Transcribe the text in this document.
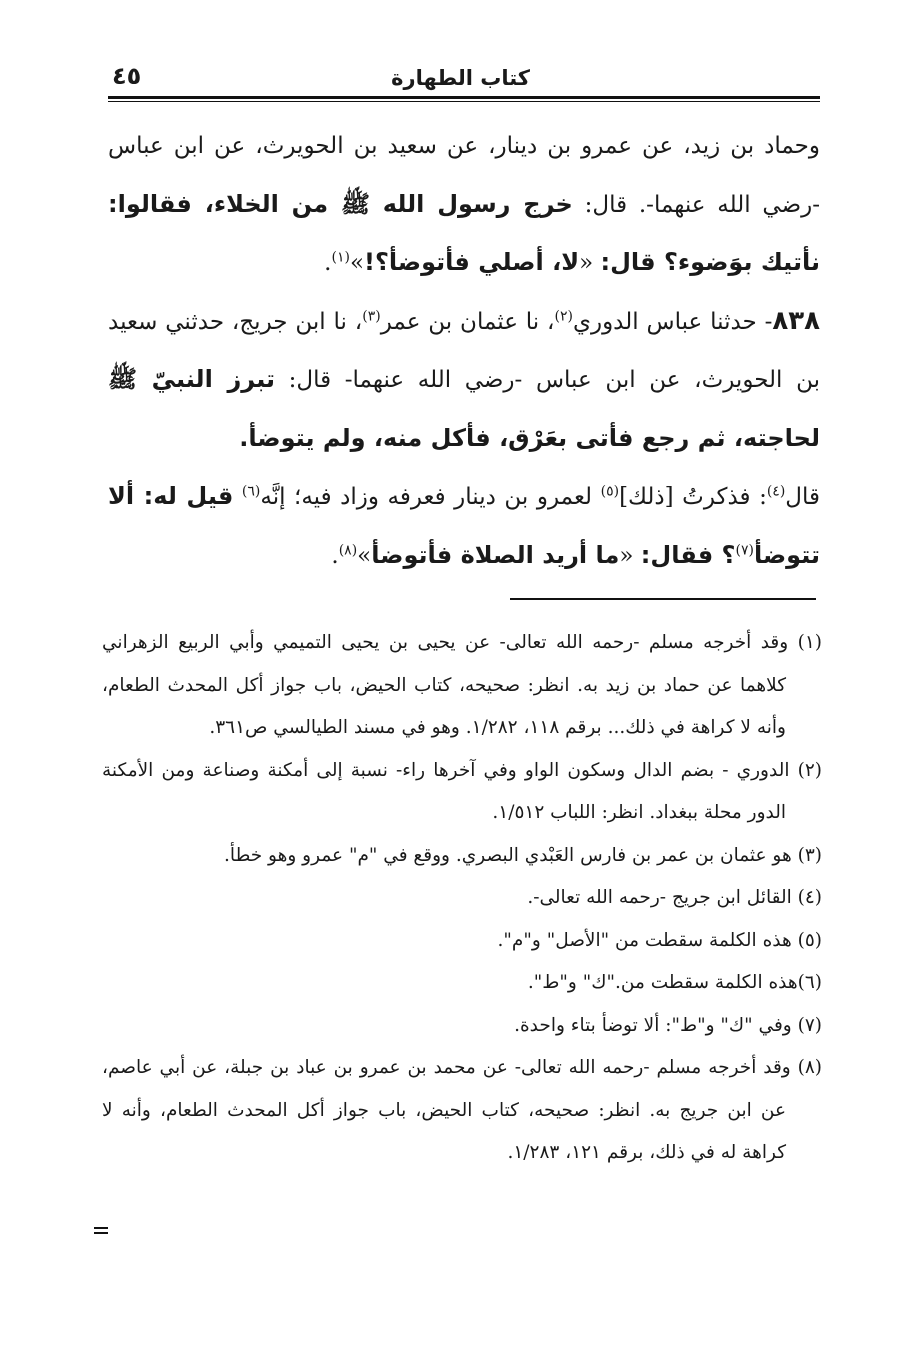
كتاب الطهارة
٤٥

وحماد بن زيد، عن عمرو بن دينار، عن سعيد بن الحويرث، عن ابن عباس -رضي الله عنهما-. قال: خرج رسول الله ﷺ من الخلاء، فقالوا: نأتيك بوَضوء؟ قال: «لا، أصلي فأتوضأ؟!»$^{(١)}$.

٨٣٨- حدثنا عباس الدوري$^{(٢)}$، نا عثمان بن عمر$^{(٣)}$، نا ابن جريج، حدثني سعيد بن الحويرث، عن ابن عباس -رضي الله عنهما- قال: تبرز النبيّ ﷺ لحاجته، ثم رجع فأتى بعَرْق، فأكل منه، ولم يتوضأ.

قال$^{(٤)}$: فذكرتُ [ذلك]$^{(٥)}$ لعمرو بن دينار فعرفه وزاد فيه؛ إنَّه$^{(٦)}$ قيل له: ألا تتوضأ$^{(٧)}$؟ فقال: «ما أريد الصلاة فأتوضأ»$^{(٨)}$.

(١) وقد أخرجه مسلم -رحمه الله تعالى- عن يحيى بن يحيى التميمي وأبي الربيع الزهراني كلاهما عن حماد بن زيد به. انظر: صحيحه، كتاب الحيض، باب جواز أكل المحدث الطعام، وأنه لا كراهة في ذلك... برقم ١١٨، ١/٢٨٢. وهو في مسند الطيالسي ص٣٦١.

(٢) الدوري - بضم الدال وسكون الواو وفي آخرها راء- نسبة إلى أمكنة وصناعة ومن الأمكنة الدور محلة ببغداد. انظر: اللباب ١/٥١٢.

(٣) هو عثمان بن عمر بن فارس العَبْدي البصري. ووقع في "م" عمرو وهو خطأ.

(٤) القائل ابن جريج -رحمه الله تعالى-.

(٥) هذه الكلمة سقطت من "الأصل" و"م".

(٦)هذه الكلمة سقطت من."ك" و"ط".

(٧) وفي "ك" و"ط": ألا توضأ بتاء واحدة.

(٨) وقد أخرجه مسلم -رحمه الله تعالى- عن محمد بن عمرو بن عباد بن جبلة، عن أبي عاصم، عن ابن جريج به. انظر: صحيحه، كتاب الحيض، باب جواز أكل المحدث الطعام، وأنه لا كراهة له في ذلك، برقم ١٢١، ١/٢٨٣.
